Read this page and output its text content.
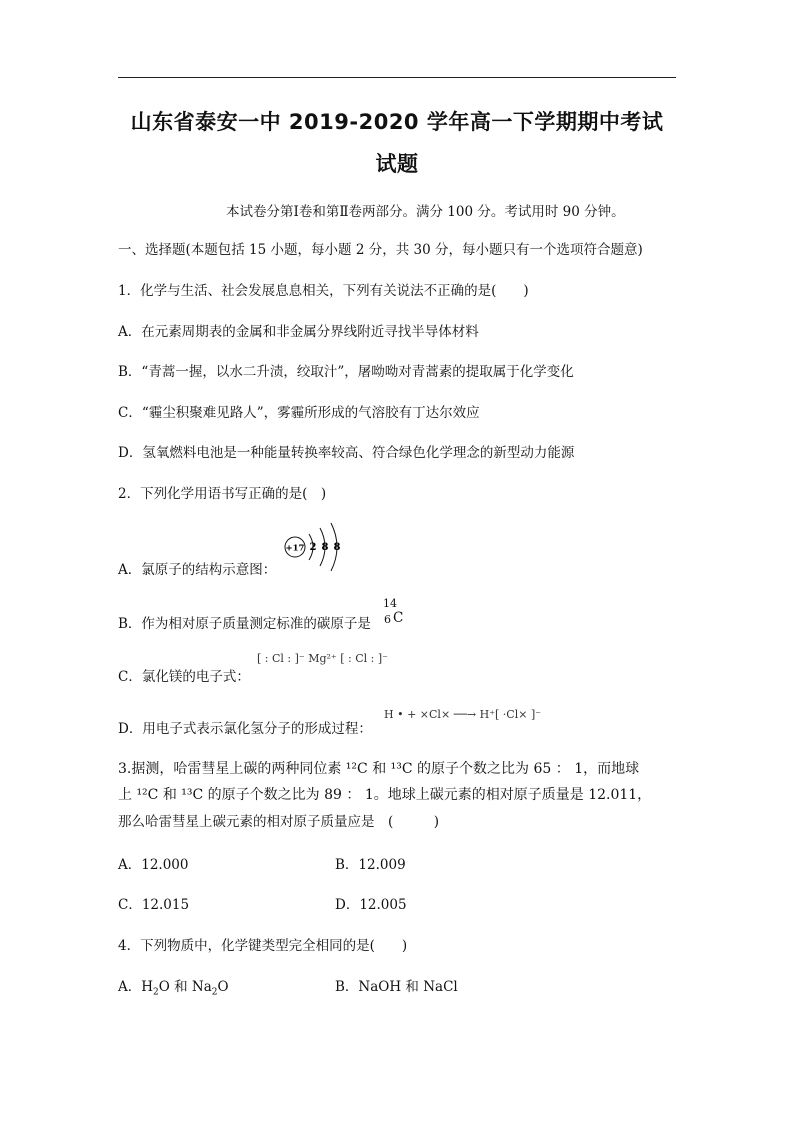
山东省泰安一中 2019-2020 学年高一下学期期中考试
试题
本试卷分第Ⅰ卷和第Ⅱ卷两部分。满分 100 分。考试用时 90 分钟。
一、选择题(本题包括 15 小题，每小题 2 分，共 30 分，每小题只有一个选项符合题意)
1．化学与生活、社会发展息息相关，下列有关说法不正确的是(　　)
A．在元素周期表的金属和非金属分界线附近寻找半导体材料
B．“青蒿一握，以水二升渍，绞取汁”，屠呦呦对青蒿素的提取属于化学变化
C．“霾尘积聚难见路人”，雾霾所形成的气溶胶有丁达尔效应
D．氢氧燃料电池是一种能量转换率较高、符合绿色化学理念的新型动力能源
2．下列化学用语书写正确的是(　)
A．氯原子的结构示意图：
+17 2 8 8
B．作为相对原子质量测定标准的碳原子是
14
6 C
C．氯化镁的电子式：
[ : Cl : ]⁻ Mg²⁺ [ : Cl : ]⁻
D．用电子式表示氯化氢分子的形成过程：
H • + ×Cl× ──→ H⁺[ ·Cl× ]⁻
3.据测，哈雷彗星上碳的两种同位素 ¹²C 和 ¹³C 的原子个数之比为 65 ： 1，而地球
上 ¹²C 和 ¹³C 的原子个数之比为 89 ： 1。地球上碳元素的相对原子质量是 12.011，
那么哈雷彗星上碳元素的相对原子质量应是　(　　　)
A．12.000	B．12.009
C．12.015	D．12.005
4．下列物质中，化学键类型完全相同的是(　　)
A．$H_2O$ 和 $Na_2O$	B．NaOH 和 NaCl
